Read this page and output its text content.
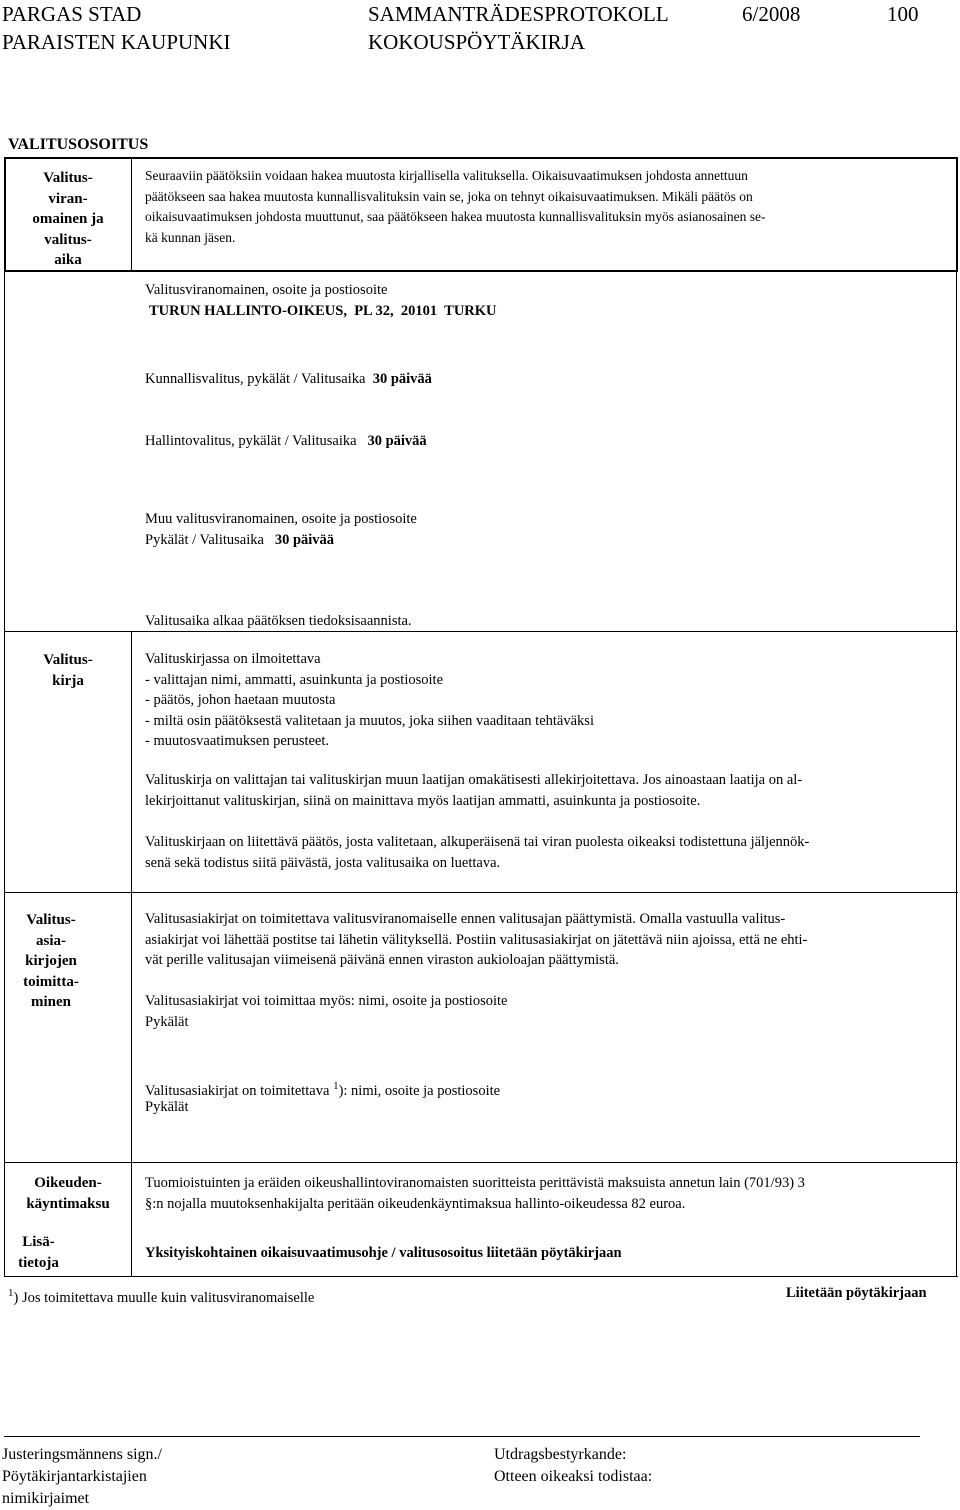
PARGAS STAD
PARAISTEN KAUPUNKI
SAMMANTRÄDESPROTOKOLL
KOKOUSPÖYTÄKIRJA
6/2008	100
VALITUSOSOITUS
Valitus-
viran-
omainen ja
valitus-
aika
Seuraaviin päätöksiin voidaan hakea muutosta kirjallisella valituksella. Oikaisuvaatimuksen johdosta annettuun
päätökseen saa hakea muutosta kunnallisvalituksin vain se, joka on tehnyt oikaisuvaatimuksen. Mikäli päätös on
oikaisuvaatimuksen johdosta muuttunut, saa päätökseen hakea muutosta kunnallisvalituksin myös asianosainen se-
kä kunnan jäsen.
Valitusviranomainen, osoite ja postiosoite
TURUN HALLINTO-OIKEUS,  PL 32,  20101  TURKU
Kunnallisvalitus, pykälät / Valitusaika  30 päivää
Hallintovalitus, pykälät / Valitusaika   30 päivää
Muu valitusviranomainen, osoite ja postiosoite
Pykälät / Valitusaika   30 päivää
Valitusaika alkaa päätöksen tiedoksisaannista.
Valitus-
kirja
Valituskirjassa on ilmoitettava
- valittajan nimi, ammatti, asuinkunta ja postiosoite
- päätös, johon haetaan muutosta
- miltä osin päätöksestä valitetaan ja muutos, joka siihen vaaditaan tehtäväksi
- muutosvaatimuksen perusteet.
Valituskirja on valittajan tai valituskirjan muun laatijan omakätisesti allekirjoitettava. Jos ainoastaan laatija on al-
lekirjoittanut valituskirjan, siinä on mainittava myös laatijan ammatti, asuinkunta ja postiosoite.
Valituskirjaan on liitettävä päätös, josta valitetaan, alkuperäisenä tai viran puolesta oikeaksi todistettuna jäljennök-
senä sekä todistus siitä päivästä, josta valitusaika on luettava.
Valitus-
asia-
kirjojen
toimitta-
minen
Valitusasiakirjat on toimitettava valitusviranomaiselle ennen valitusajan päättymistä. Omalla vastuulla valitus-
asiakirjat voi lähettää postitse tai lähetin välityksellä. Postiin valitusasiakirjat on jätettävä niin ajoissa, että ne ehti-
vät perille valitusajan viimeisenä päivänä ennen viraston aukioloajan päättymistä.
Valitusasiakirjat voi toimittaa myös: nimi, osoite ja postiosoite
Pykälät
Valitusasiakirjat on toimitettava $^1$): nimi, osoite ja postiosoite
Pykälät
Oikeuden-
käyntimaksu
Tuomioistuinten ja eräiden oikeushallintoviranomaisten suoritteista perittävistä maksuista annetun lain (701/93) 3
§:n nojalla muutoksenhakijalta peritään oikeudenkäyntimaksua hallinto-oikeudessa 82 euroa.
Lisä-
tietoja
Yksityiskohtainen oikaisuvaatimusohje / valitusosoitus liitetään pöytäkirjaan
$^1$) Jos toimitettava muulle kuin valitusviranomaiselle	Liitetään pöytäkirjaan
Justeringsmännens sign./
Pöytäkirjantarkistajien
nimikirjaimet
Utdragsbestyrkande:
Otteen oikeaksi todistaa:
